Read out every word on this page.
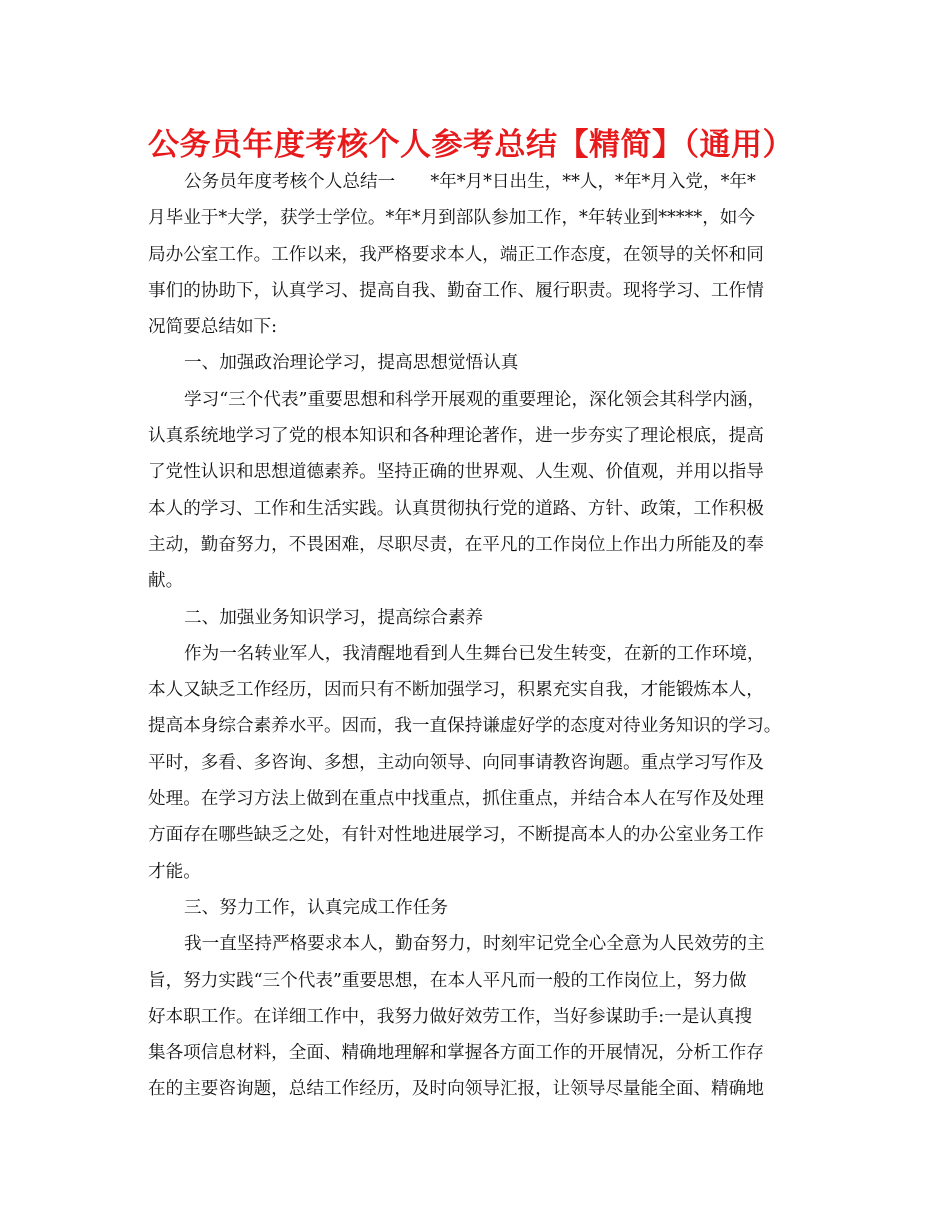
公务员年度考核个人参考总结【精简】（通用）
公务员年度考核个人总结一　　*年*月*日出生，**人，*年*月入党，*年*
月毕业于*大学，获学士学位。*年*月到部队参加工作，*年转业到*****，如今
局办公室工作。工作以来，我严格要求本人，端正工作态度，在领导的关怀和同
事们的协助下，认真学习、提高自我、勤奋工作、履行职责。现将学习、工作情
况简要总结如下:
一、加强政治理论学习，提高思想觉悟认真
学习“三个代表”重要思想和科学开展观的重要理论，深化领会其科学内涵，
认真系统地学习了党的根本知识和各种理论著作，进一步夯实了理论根底，提高
了党性认识和思想道德素养。坚持正确的世界观、人生观、价值观，并用以指导
本人的学习、工作和生活实践。认真贯彻执行党的道路、方针、政策，工作积极
主动，勤奋努力，不畏困难，尽职尽责，在平凡的工作岗位上作出力所能及的奉
献。
二、加强业务知识学习，提高综合素养
作为一名转业军人，我清醒地看到人生舞台已发生转变，在新的工作环境，
本人又缺乏工作经历，因而只有不断加强学习，积累充实自我，才能锻炼本人，
提高本身综合素养水平。因而，我一直保持谦虚好学的态度对待业务知识的学习。
平时，多看、多咨询、多想，主动向领导、向同事请教咨询题。重点学习写作及
处理。在学习方法上做到在重点中找重点，抓住重点，并结合本人在写作及处理
方面存在哪些缺乏之处，有针对性地进展学习，不断提高本人的办公室业务工作
才能。
三、努力工作，认真完成工作任务
我一直坚持严格要求本人，勤奋努力，时刻牢记党全心全意为人民效劳的主
旨，努力实践“三个代表”重要思想，在本人平凡而一般的工作岗位上，努力做
好本职工作。在详细工作中，我努力做好效劳工作，当好参谋助手:一是认真搜
集各项信息材料，全面、精确地理解和掌握各方面工作的开展情况，分析工作存
在的主要咨询题，总结工作经历，及时向领导汇报，让领导尽量能全面、精确地
